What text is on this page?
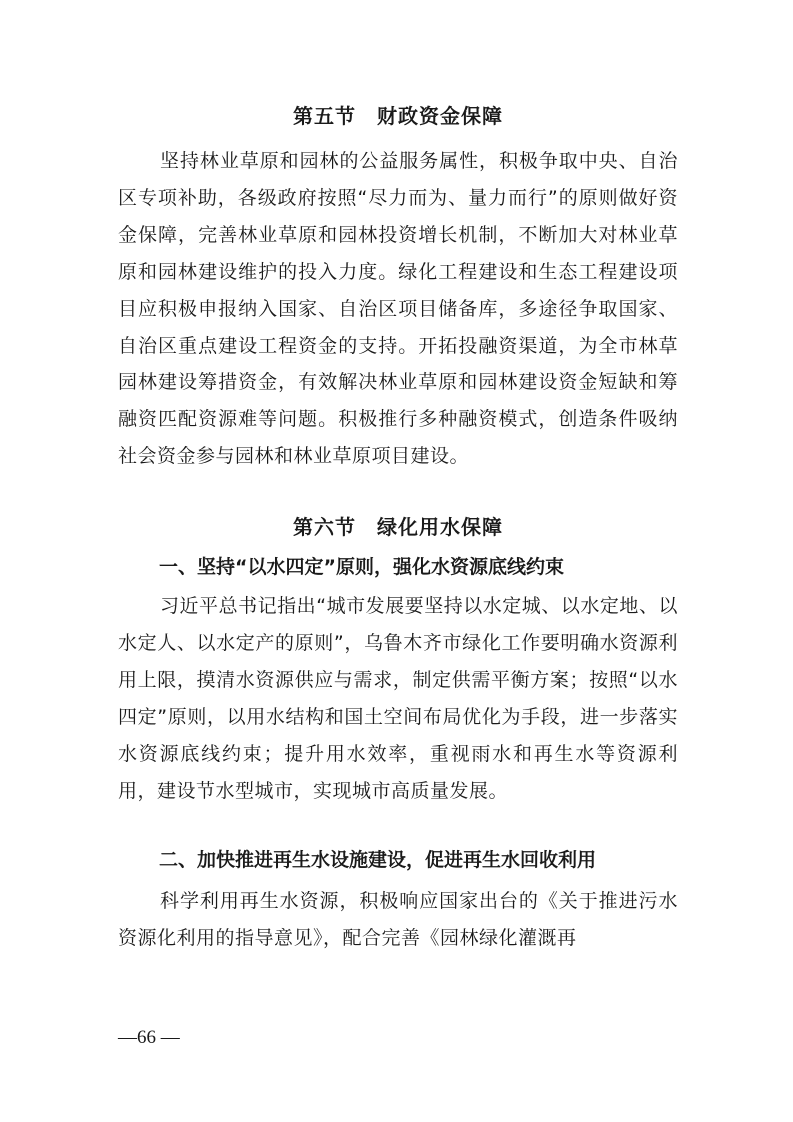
第五节　财政资金保障
坚持林业草原和园林的公益服务属性，积极争取中央、自治区专项补助，各级政府按照“尽力而为、量力而行”的原则做好资金保障，完善林业草原和园林投资增长机制，不断加大对林业草原和园林建设维护的投入力度。绿化工程建设和生态工程建设项目应积极申报纳入国家、自治区项目储备库，多途径争取国家、自治区重点建设工程资金的支持。开拓投融资渠道，为全市林草园林建设筹措资金，有效解决林业草原和园林建设资金短缺和筹融资匹配资源难等问题。积极推行多种融资模式，创造条件吸纳社会资金参与园林和林业草原项目建设。
第六节　绿化用水保障
一、坚持“以水四定”原则，强化水资源底线约束
习近平总书记指出“城市发展要坚持以水定城、以水定地、以水定人、以水定产的原则”，乌鲁木齐市绿化工作要明确水资源利用上限，摸清水资源供应与需求，制定供需平衡方案；按照“以水四定”原则，以用水结构和国土空间布局优化为手段，进一步落实水资源底线约束；提升用水效率，重视雨水和再生水等资源利用，建设节水型城市，实现城市高质量发展。
二、加快推进再生水设施建设，促进再生水回收利用
科学利用再生水资源，积极响应国家出台的《关于推进污水资源化利用的指导意见》，配合完善《园林绿化灌溉再
—66 —
